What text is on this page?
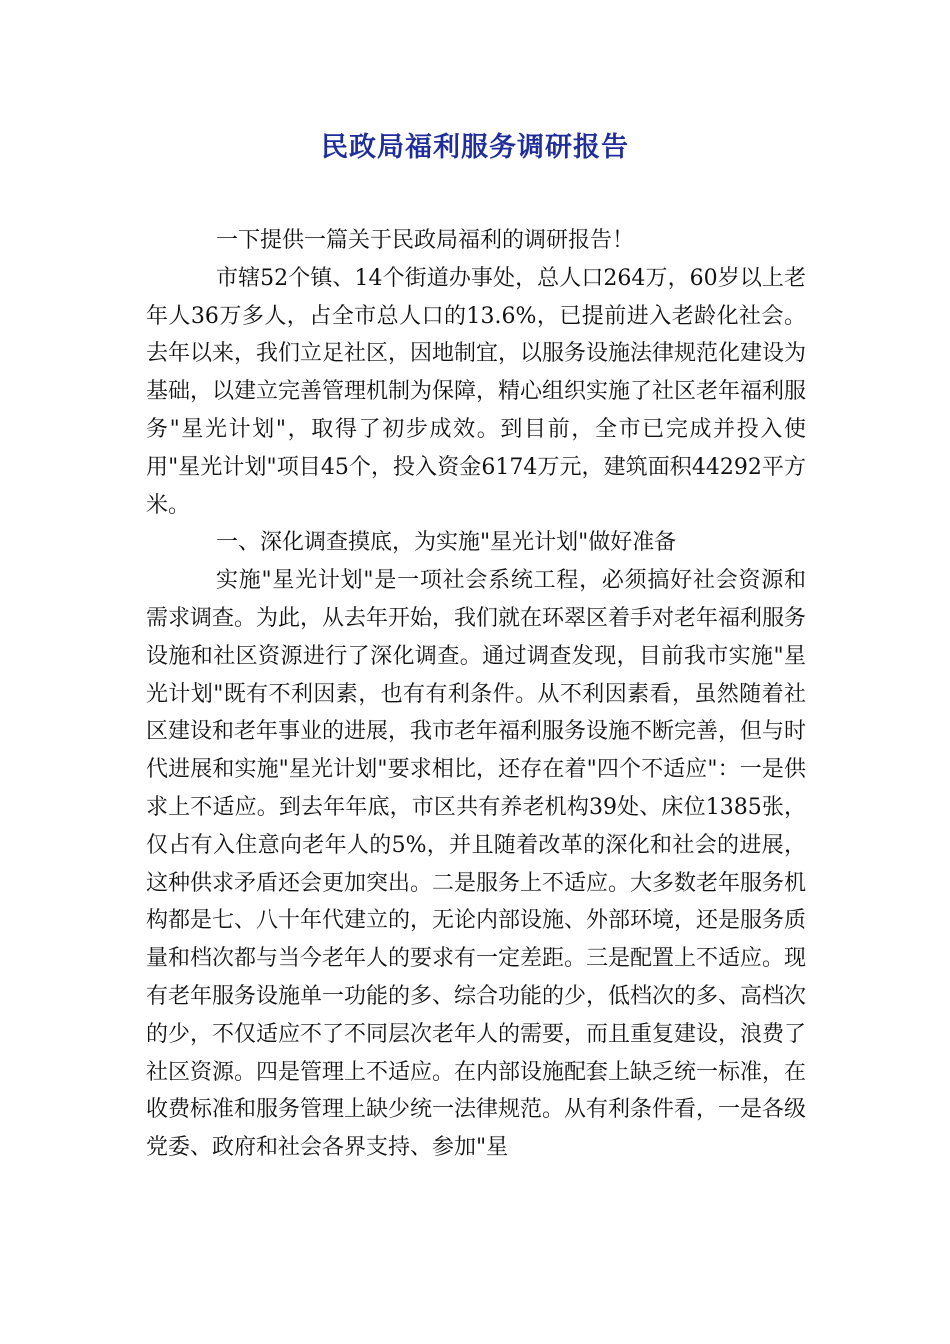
民政局福利服务调研报告

一下提供一篇关于民政局福利的调研报告！

市辖52个镇、14个街道办事处，总人口264万，60岁以上老年人36万多人，占全市总人口的13.6%，已提前进入老龄化社会。去年以来，我们立足社区，因地制宜，以服务设施法律规范化建设为基础，以建立完善管理机制为保障，精心组织实施了社区老年福利服务"星光计划"，取得了初步成效。到目前，全市已完成并投入使用"星光计划"项目45个，投入资金6174万元，建筑面积44292平方米。

一、深化调查摸底，为实施"星光计划"做好准备

实施"星光计划"是一项社会系统工程，必须搞好社会资源和需求调查。为此，从去年开始，我们就在环翠区着手对老年福利服务设施和社区资源进行了深化调查。通过调查发现，目前我市实施"星光计划"既有不利因素，也有有利条件。从不利因素看，虽然随着社区建设和老年事业的进展，我市老年福利服务设施不断完善，但与时代进展和实施"星光计划"要求相比，还存在着"四个不适应"：一是供求上不适应。到去年年底，市区共有养老机构39处、床位1385张，仅占有入住意向老年人的5%，并且随着改革的深化和社会的进展，这种供求矛盾还会更加突出。二是服务上不适应。大多数老年服务机构都是七、八十年代建立的，无论内部设施、外部环境，还是服务质量和档次都与当今老年人的要求有一定差距。三是配置上不适应。现有老年服务设施单一功能的多、综合功能的少，低档次的多、高档次的少，不仅适应不了不同层次老年人的需要，而且重复建设，浪费了社区资源。四是管理上不适应。在内部设施配套上缺乏统一标准，在收费标准和服务管理上缺少统一法律规范。从有利条件看，一是各级党委、政府和社会各界支持、参加"星
